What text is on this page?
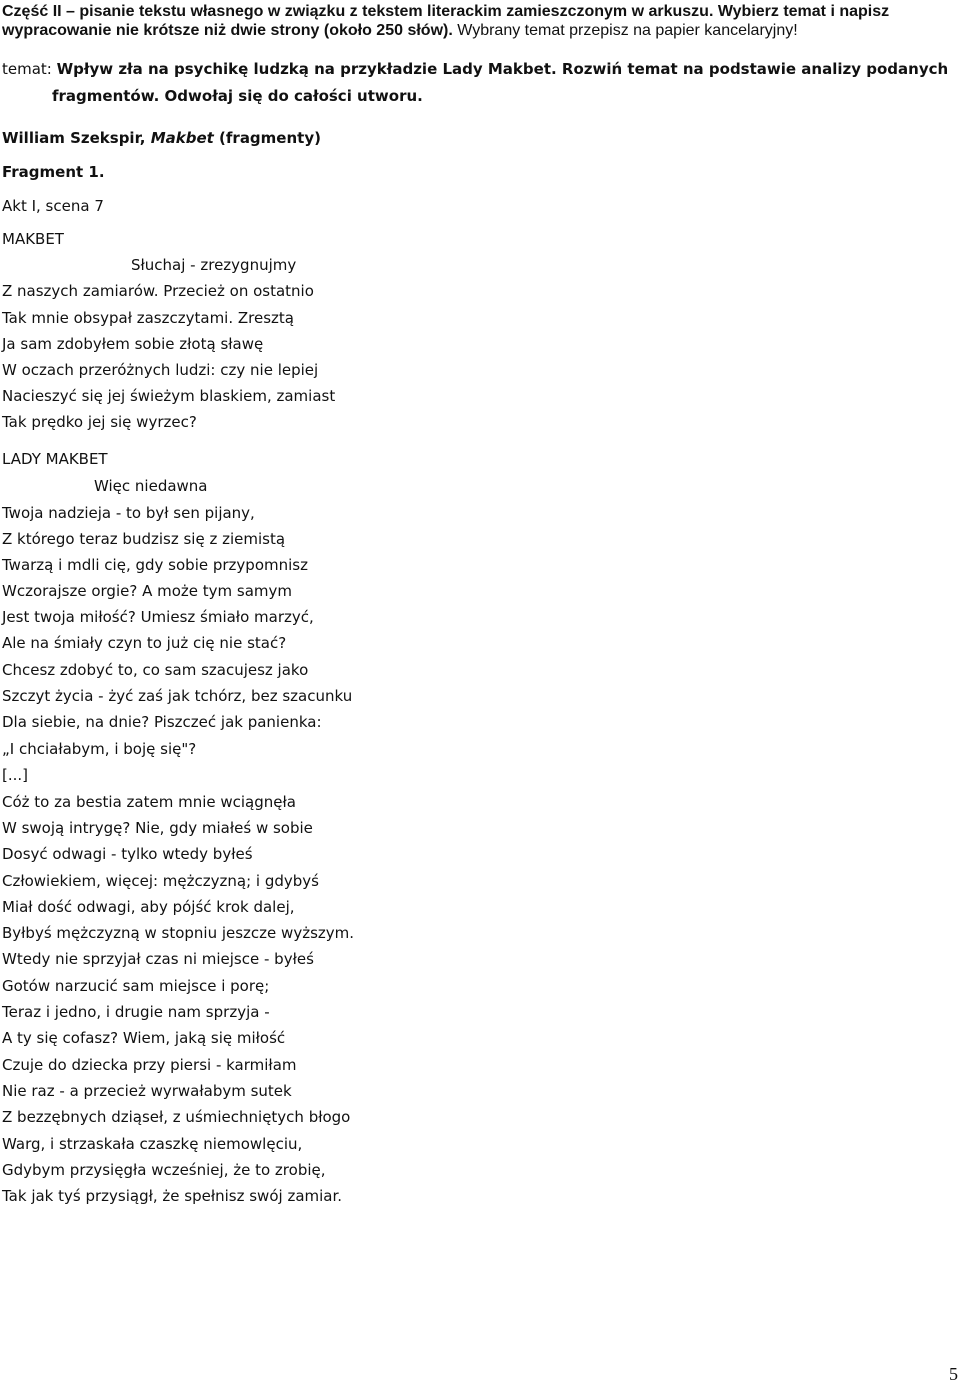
Część II – pisanie tekstu własnego w związku z tekstem literackim zamieszczonym w arkuszu. Wybierz temat i napisz
wypracowanie nie krótsze niż dwie strony (około 250 słów). Wybrany temat przepisz na papier kancelaryjny!
temat: Wpływ zła na psychikę ludzką na przykładzie Lady Makbet. Rozwiń temat na podstawie analizy podanych
fragmentów. Odwołaj się do całości utworu.
William Szekspir, Makbet (fragmenty)
Fragment 1.
Akt I, scena 7
MAKBET
Słuchaj - zrezygnujmy
Z naszych zamiarów. Przecież on ostatnio
Tak mnie obsypał zaszczytami. Zresztą
Ja sam zdobyłem sobie złotą sławę
W oczach przeróżnych ludzi: czy nie lepiej
Nacieszyć się jej świeżym blaskiem, zamiast
Tak prędko jej się wyrzec?
LADY MAKBET
Więc niedawna
Twoja nadzieja - to był sen pijany,
Z którego teraz budzisz się z ziemistą
Twarzą i mdli cię, gdy sobie przypomnisz
Wczorajsze orgie? A może tym samym
Jest twoja miłość? Umiesz śmiało marzyć,
Ale na śmiały czyn to już cię nie stać?
Chcesz zdobyć to, co sam szacujesz jako
Szczyt życia - żyć zaś jak tchórz, bez szacunku
Dla siebie, na dnie? Piszczeć jak panienka:
„I chciałabym, i boję się"?
[...]
Cóż to za bestia zatem mnie wciągnęła
W swoją intrygę? Nie, gdy miałeś w sobie
Dosyć odwagi - tylko wtedy byłeś
Człowiekiem, więcej: mężczyzną; i gdybyś
Miał dość odwagi, aby pójść krok dalej,
Byłbyś mężczyzną w stopniu jeszcze wyższym.
Wtedy nie sprzyjał czas ni miejsce - byłeś
Gotów narzucić sam miejsce i porę;
Teraz i jedno, i drugie nam sprzyja -
A ty się cofasz? Wiem, jaką się miłość
Czuje do dziecka przy piersi - karmiłam
Nie raz - a przecież wyrwałabym sutek
Z bezzębnych dziąseł, z uśmiechniętych błogo
Warg, i strzaskała czaszkę niemowlęciu,
Gdybym przysięgła wcześniej, że to zrobię,
Tak jak tyś przysiągł, że spełnisz swój zamiar.
5
